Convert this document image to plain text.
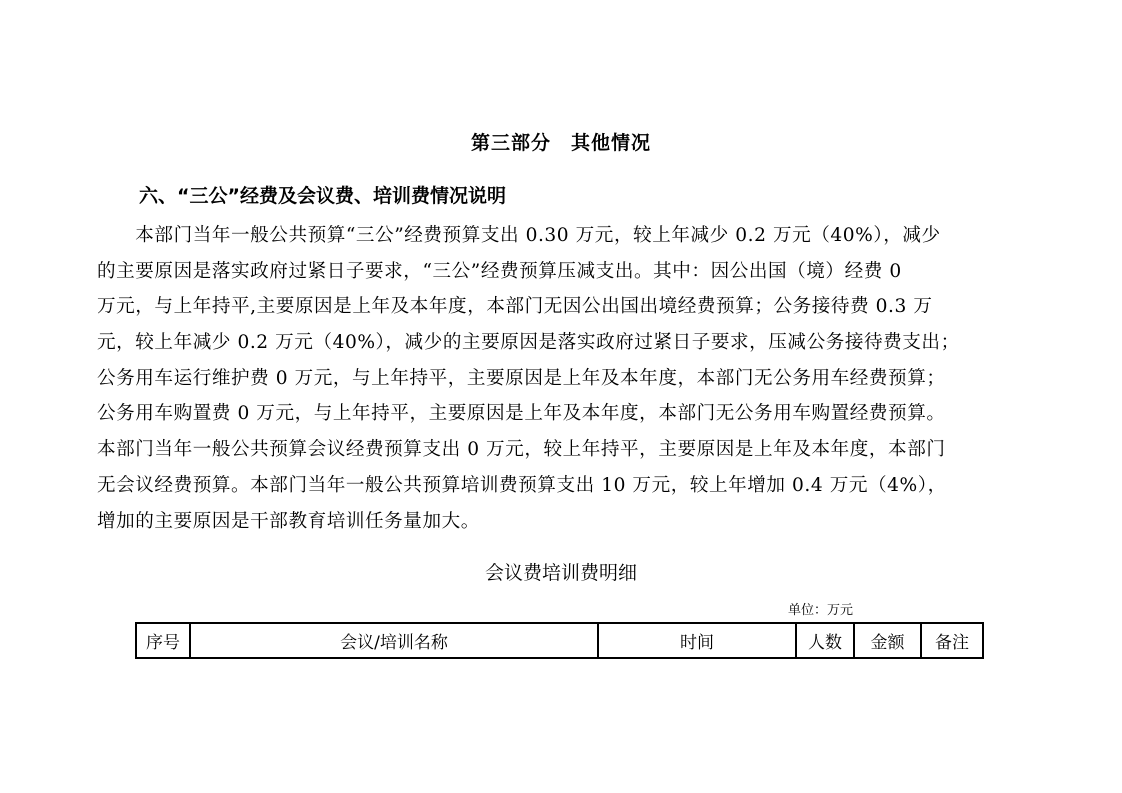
第三部分　其他情况
六、“三公”经费及会议费、培训费情况说明
　　本部门当年一般公共预算“三公”经费预算支出 0.30 万元，较上年减少 0.2 万元（40%），减少
的主要原因是落实政府过紧日子要求，“三公”经费预算压减支出。其中：因公出国（境）经费 0
万元，与上年持平,主要原因是上年及本年度，本部门无因公出国出境经费预算；公务接待费 0.3 万
元，较上年减少 0.2 万元（40%），减少的主要原因是落实政府过紧日子要求，压减公务接待费支出；
公务用车运行维护费 0 万元，与上年持平，主要原因是上年及本年度，本部门无公务用车经费预算；
公务用车购置费 0 万元，与上年持平，主要原因是上年及本年度，本部门无公务用车购置经费预算。
本部门当年一般公共预算会议经费预算支出 0 万元，较上年持平，主要原因是上年及本年度，本部门
无会议经费预算。本部门当年一般公共预算培训费预算支出 10 万元，较上年增加 0.4 万元（4%），
增加的主要原因是干部教育培训任务量加大。
会议费培训费明细
单位：万元
序号	会议/培训名称	时间	人数	金额	备注
